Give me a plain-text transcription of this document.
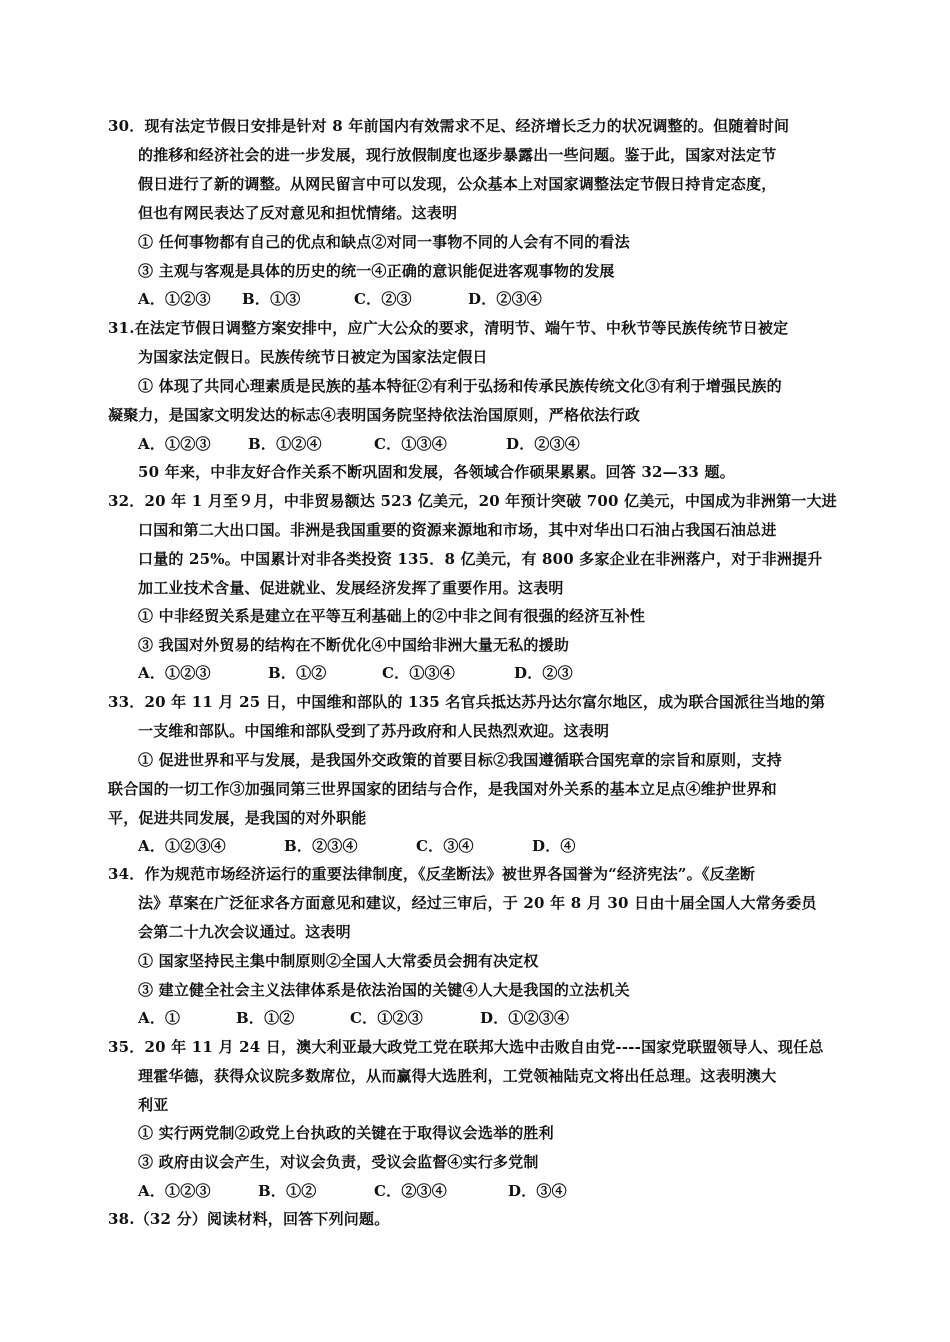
30．现有法定节假日安排是针对 8 年前国内有效需求不足、经济增长乏力的状况调整的。但随着时间
的推移和经济社会的进一步发展，现行放假制度也逐步暴露出一些问题。鉴于此，国家对法定节
假日进行了新的调整。从网民留言中可以发现，公众基本上对国家调整法定节假日持肯定态度，
但也有网民表达了反对意见和担忧情绪。这表明
① 任何事物都有自己的优点和缺点②对同一事物不同的人会有不同的看法
③ 主观与客观是具体的历史的统一④正确的意识能促进客观事物的发展
A．①②③ B．①③	C．②③	D．②③④
31.在法定节假日调整方案安排中，应广大公众的要求，清明节、端午节、中秋节等民族传统节日被定
为国家法定假日。民族传统节日被定为国家法定假日
① 体现了共同心理素质是民族的基本特征②有利于弘扬和传承民族传统文化③有利于增强民族的
凝聚力，是国家文明发达的标志④表明国务院坚持依法治国原则，严格依法行政
A．①②③ B．①②④	C．①③④	D．②③④
50 年来，中非友好合作关系不断巩固和发展，各领域合作硕果累累。回答 32—33 题。
32．20 年 1 月至９月，中非贸易额达 523 亿美元，20 年预计突破 700 亿美元，中国成为非洲第一大进
口国和第二大出口国。非洲是我国重要的资源来源地和市场，其中对华出口石油占我国石油总进
口量的 25%。中国累计对非各类投资 135．8 亿美元，有 800 多家企业在非洲落户，对于非洲提升
加工业技术含量、促进就业、发展经济发挥了重要作用。这表明
① 中非经贸关系是建立在平等互利基础上的②中非之间有很强的经济互补性
③ 我国对外贸易的结构在不断优化④中国给非洲大量无私的援助
A．①②③	B．①②	C．①③④	D．②③
33．20 年 11 月 25 日，中国维和部队的 135 名官兵抵达苏丹达尔富尔地区，成为联合国派往当地的第
一支维和部队。中国维和部队受到了苏丹政府和人民热烈欢迎。这表明
① 促进世界和平与发展，是我国外交政策的首要目标②我国遵循联合国宪章的宗旨和原则，支持
联合国的一切工作③加强同第三世界国家的团结与合作，是我国对外关系的基本立足点④维护世界和
平，促进共同发展，是我国的对外职能
A．①②③④	B．②③④	C．③④	D．④
34．作为规范市场经济运行的重要法律制度，《反垄断法》被世界各国誉为“经济宪法”。《反垄断
法》草案在广泛征求各方面意见和建议，经过三审后，于 20 年 8 月 30 日由十届全国人大常务委员
会第二十九次会议通过。这表明
① 国家坚持民主集中制原则②全国人大常委员会拥有决定权
③ 建立健全社会主义法律体系是依法治国的关键④人大是我国的立法机关
A．①	B．①②	C．①②③	D．①②③④
35．20 年 11 月 24 日，澳大利亚最大政党工党在联邦大选中击败自由党----国家党联盟领导人、现任总
理霍华德，获得众议院多数席位，从而赢得大选胜利，工党领袖陆克文将出任总理。这表明澳大
利亚
① 实行两党制②政党上台执政的关键在于取得议会选举的胜利
③ 政府由议会产生，对议会负责，受议会监督④实行多党制
A．①②③	B．①②	C．②③④	D．③④
38.（32 分）阅读材料，回答下列问题。
